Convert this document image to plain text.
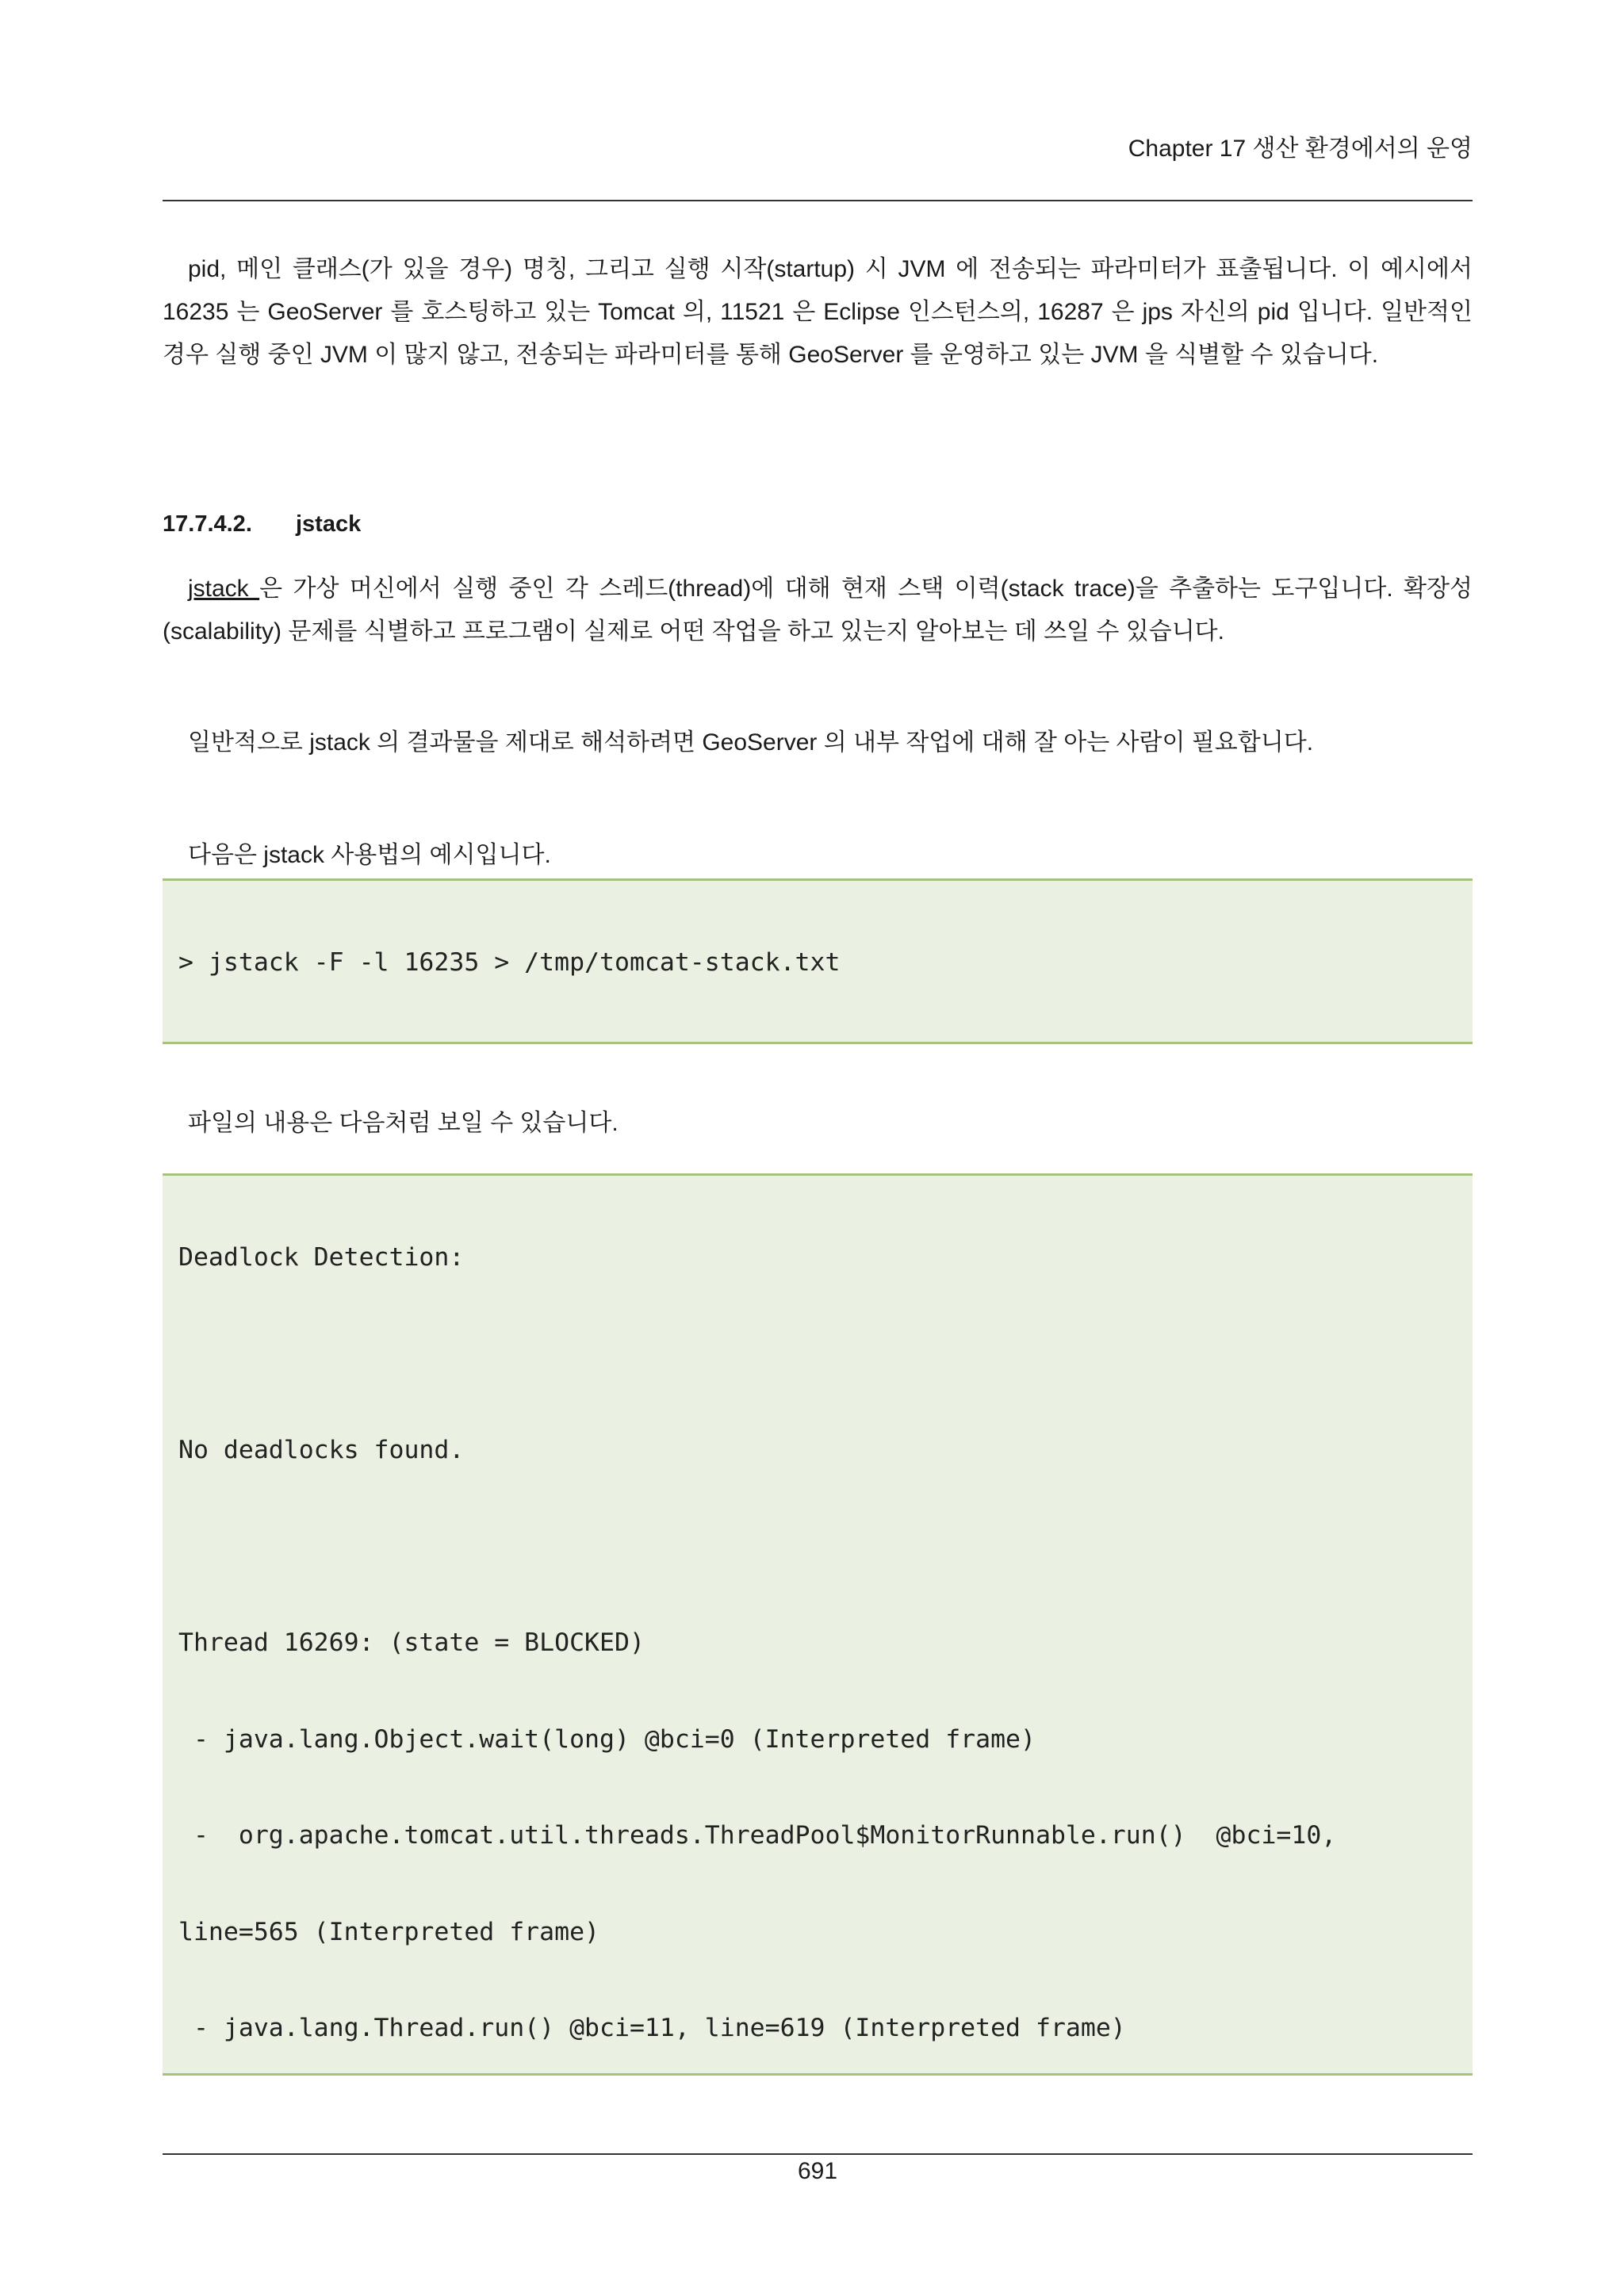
Chapter 17 생산 환경에서의 운영

pid, 메인 클래스(가 있을 경우) 명칭, 그리고 실행 시작(startup) 시 JVM 에 전송되는 파라미터가 표출됩니다. 이 예시에서 16235 는 GeoServer 를 호스팅하고 있는 Tomcat 의, 11521 은 Eclipse 인스턴스의, 16287 은 jps 자신의 pid 입니다. 일반적인 경우 실행 중인 JVM 이 많지 않고, 전송되는 파라미터를 통해 GeoServer 를 운영하고 있는 JVM 을 식별할 수 있습니다.

17.7.4.2. jstack

jstack 은 가상 머신에서 실행 중인 각 스레드(thread)에 대해 현재 스택 이력(stack trace)을 추출하는 도구입니다. 확장성(scalability) 문제를 식별하고 프로그램이 실제로 어떤 작업을 하고 있는지 알아보는 데 쓰일 수 있습니다.

일반적으로 jstack 의 결과물을 제대로 해석하려면 GeoServer 의 내부 작업에 대해 잘 아는 사람이 필요합니다.

다음은 jstack 사용법의 예시입니다.

> jstack -F -l 16235 > /tmp/tomcat-stack.txt

파일의 내용은 다음처럼 보일 수 있습니다.

Deadlock Detection:

No deadlocks found.

Thread 16269: (state = BLOCKED)

- java.lang.Object.wait(long) @bci=0 (Interpreted frame)

-  org.apache.tomcat.util.threads.ThreadPool$MonitorRunnable.run()  @bci=10,

line=565 (Interpreted frame)

- java.lang.Thread.run() @bci=11, line=619 (Interpreted frame)

691
